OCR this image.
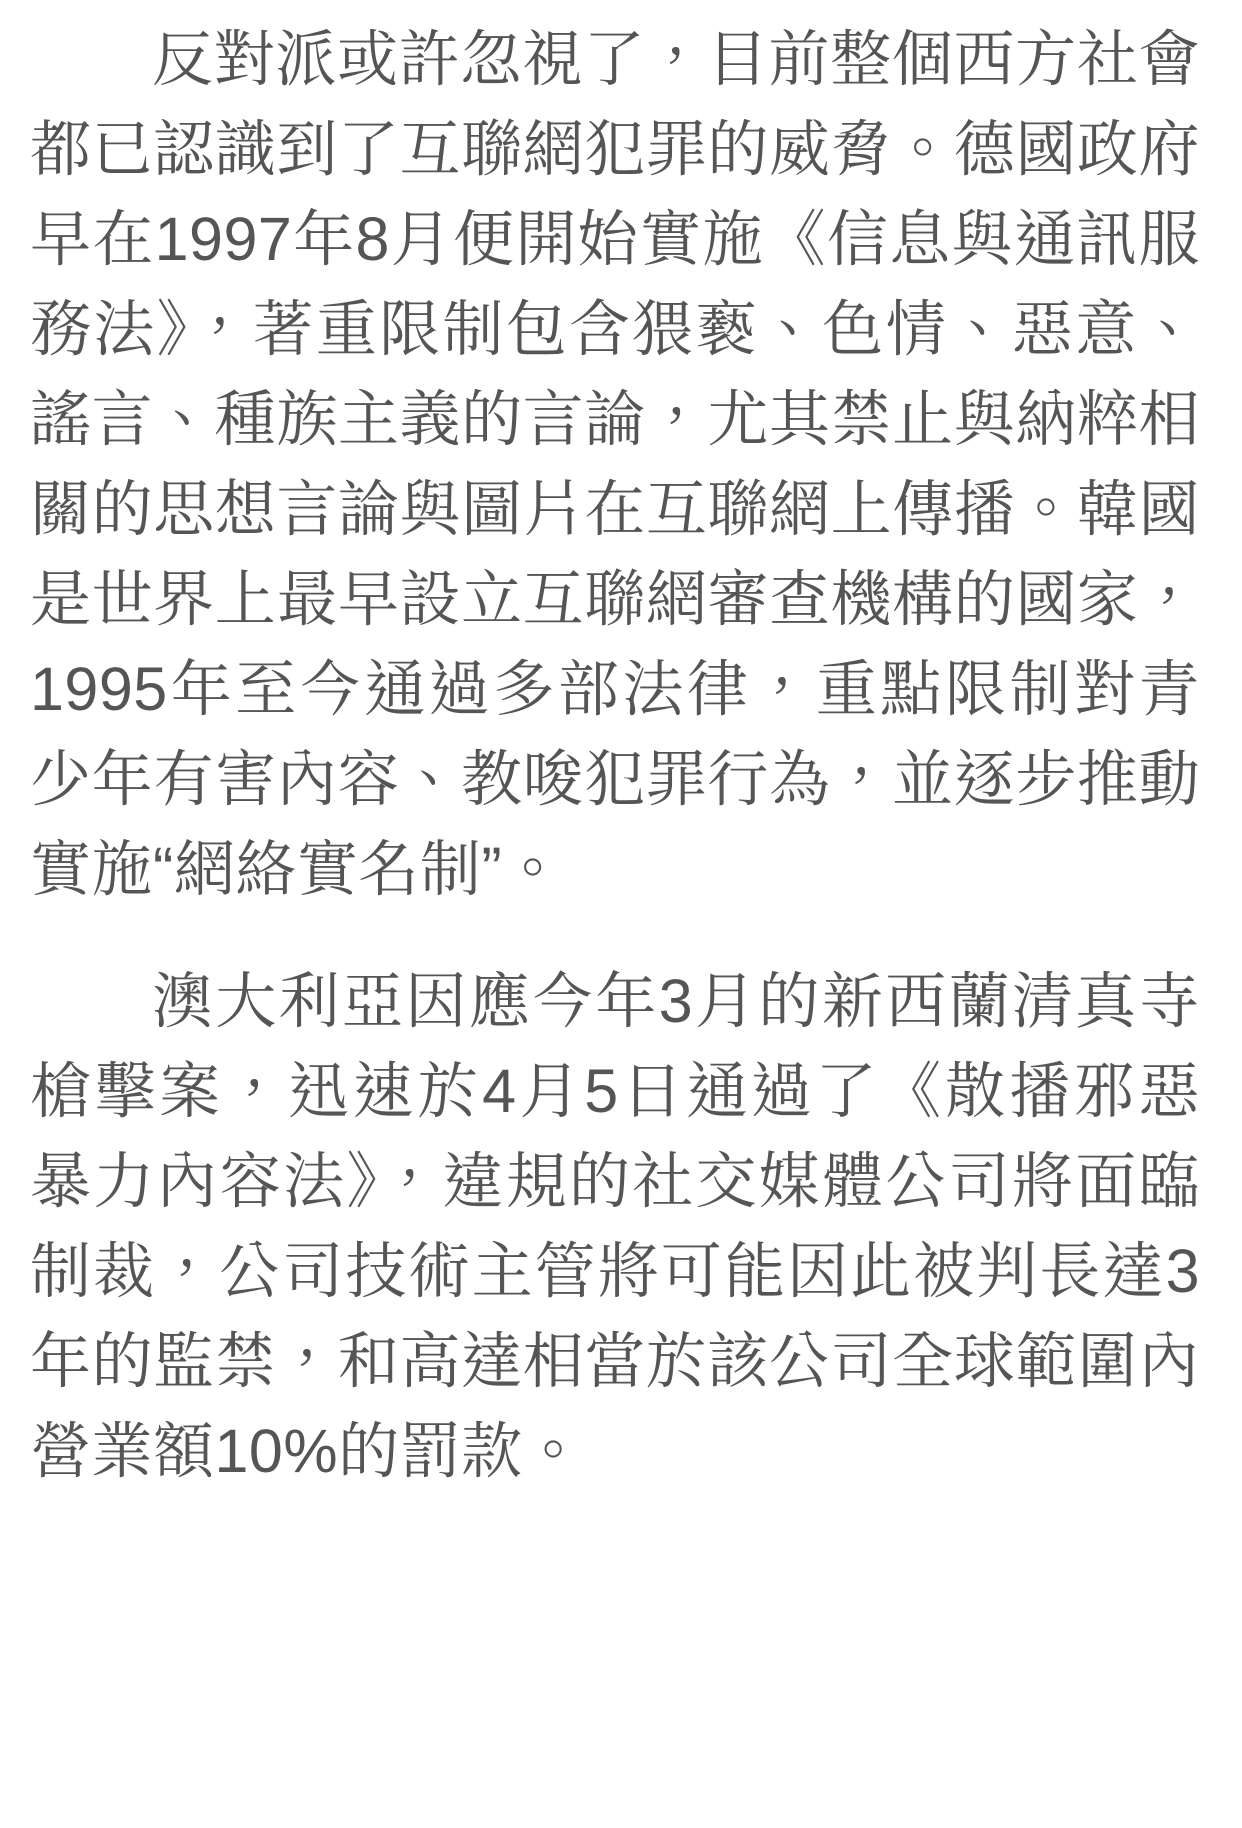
反對派或許忽視了，目前整個西方社會都已認識到了互聯網犯罪的威脅。德國政府早在1997年8月便開始實施《信息與通訊服務法》，著重限制包含猥褻、色情、惡意、謠言、種族主義的言論，尤其禁止與納粹相關的思想言論與圖片在互聯網上傳播。韓國是世界上最早設立互聯網審查機構的國家，1995年至今通過多部法律，重點限制對青少年有害內容、教唆犯罪行為，並逐步推動實施“網絡實名制”。

澳大利亞因應今年3月的新西蘭清真寺槍擊案，迅速於4月5日通過了《散播邪惡暴力內容法》，違規的社交媒體公司將面臨制裁，公司技術主管將可能因此被判長達3年的監禁，和高達相當於該公司全球範圍內營業額10%的罰款。
